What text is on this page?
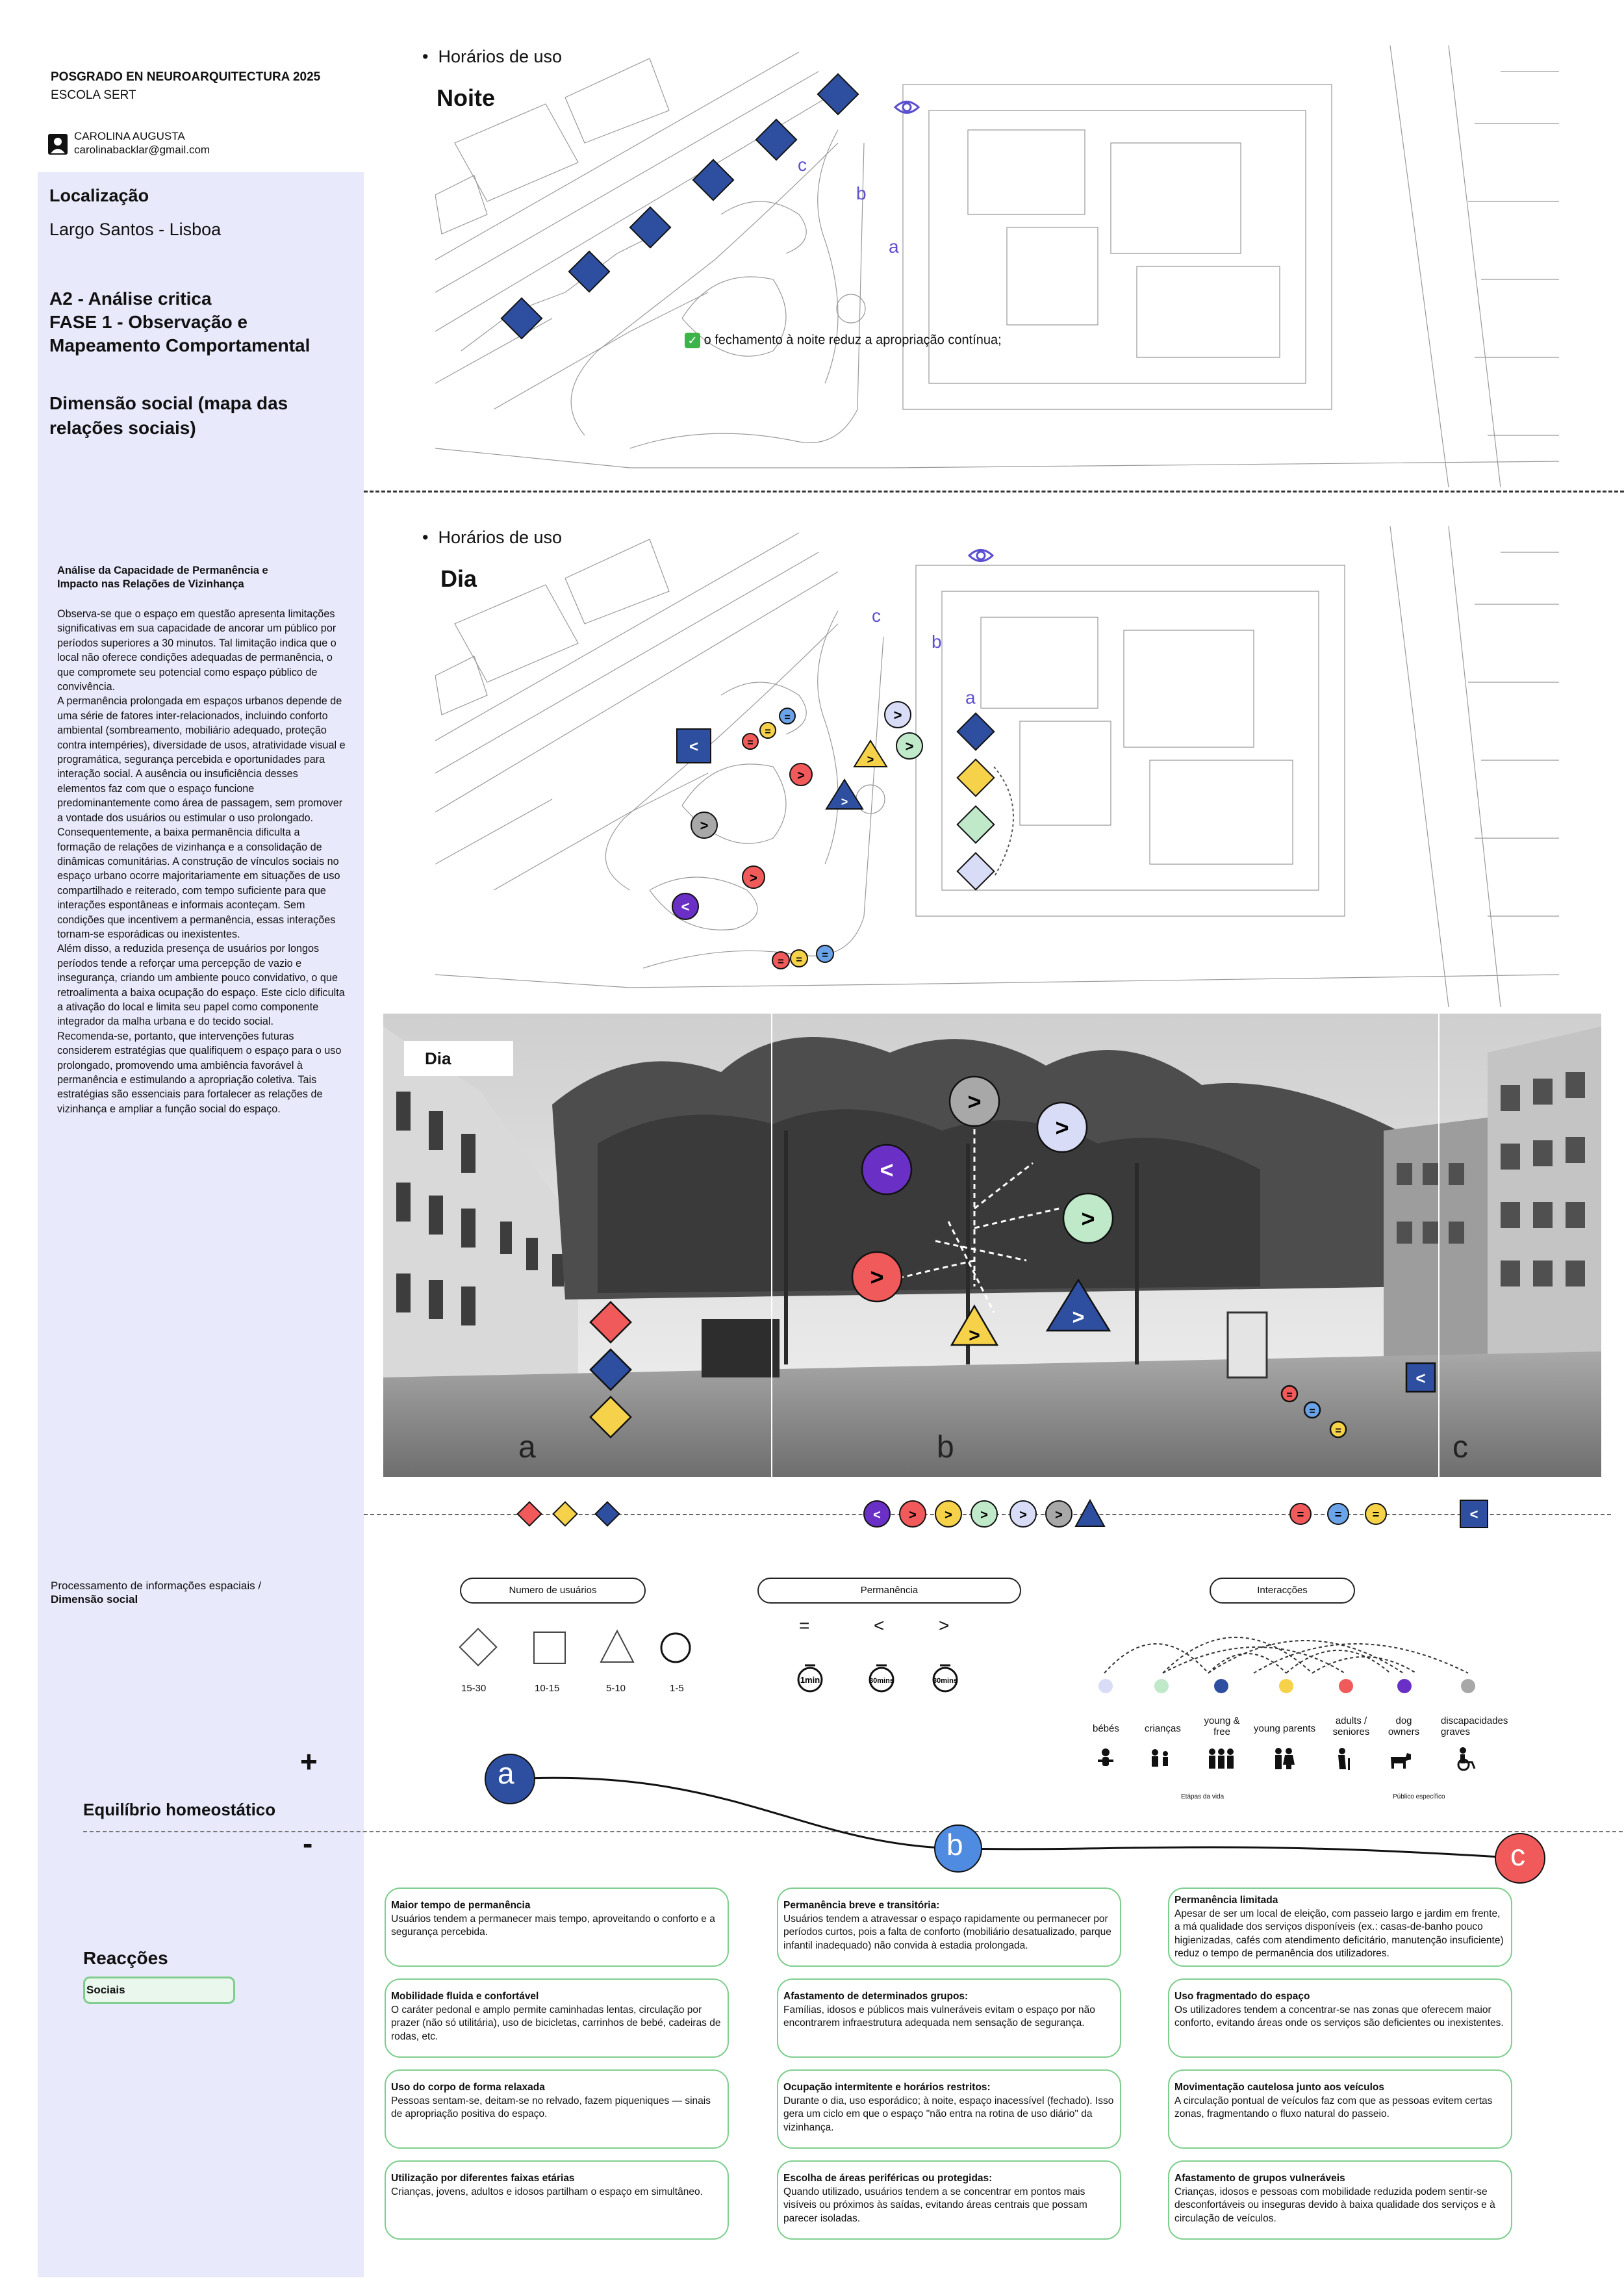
POSGRADO EN NEUROARQUITECTURA 2025
ESCOLA SERT
CAROLINA AUGUSTA
carolinabacklar@gmail.com
Localização
Largo Santos - Lisboa
A2 - Análise critica
FASE 1 - Observação e
Mapeamento Comportamental
Dimensão social (mapa das
relações sociais)
Análise da Capacidade de Permanência e
Impacto nas Relações de Vizinhança
Observa-se que o espaço em questão apresenta limitações significativas em sua capacidade de ancorar um público por períodos superiores a 30 minutos. Tal limitação indica que o local não oferece condições adequadas de permanência, o que compromete seu potencial como espaço público de convivência.
A permanência prolongada em espaços urbanos depende de uma série de fatores inter-relacionados, incluindo conforto ambiental (sombreamento, mobiliário adequado, proteção contra intempéries), diversidade de usos, atratividade visual e programática, segurança percebida e oportunidades para interação social. A ausência ou insuficiência desses elementos faz com que o espaço funcione predominantemente como área de passagem, sem promover a vontade dos usuários ou estimular o uso prolongado.
Consequentemente, a baixa permanência dificulta a formação de relações de vizinhança e a consolidação de dinâmicas comunitárias. A construção de vínculos sociais no espaço urbano ocorre majoritariamente em situações de uso compartilhado e reiterado, com tempo suficiente para que interações espontâneas e informais aconteçam. Sem condições que incentivem a permanência, essas interações tornam-se esporádicas ou inexistentes.
Além disso, a reduzida presença de usuários por longos períodos tende a reforçar uma percepção de vazio e insegurança, criando um ambiente pouco convidativo, o que retroalimenta a baixa ocupação do espaço. Este ciclo dificulta a ativação do local e limita seu papel como componente integrador da malha urbana e do tecido social.
Recomenda-se, portanto, que intervenções futuras considerem estratégias que qualifiquem o espaço para o uso prolongado, promovendo uma ambiência favorável à permanência e estimulando a apropriação coletiva. Tais estratégias são essenciais para fortalecer as relações de vizinhança e ampliar a função social do espaço.
Processamento de informações espaciais /
Dimensão social
•  Horários de uso
Noite
c
b
a
✓ o fechamento à noite reduz a apropriação contínua;
•  Horários de uso
Dia
c
b
a
<	=
=
=
>
>
>
>
>
>
>
<
= = =
>
>
<
>
>
>
>
<
=
=
=
Dia
a	b	c
< > > > > >	=	=	=	<
Numero de usuários
15-30	10-15	5-10	1-5
Permanência
=	<	>
1min	30mins	30mins
Interacções
bébés	crianças
young & free	young parents
adults / seniores
dog owners
discapacidades graves
Etápas da vida	Público específico
+
-
Equilíbrio homeostático
a
b	c
Reacções
Sociais
Maior tempo de permanência
Usuários tendem a permanecer mais tempo, aproveitando o conforto e a segurança percebida.
Mobilidade fluida e confortável
O caráter pedonal e amplo permite caminhadas lentas, circulação por prazer (não só utilitária), uso de bicicletas, carrinhos de bebé, cadeiras de rodas, etc.
Uso do corpo de forma relaxada
Pessoas sentam-se, deitam-se no relvado, fazem piqueniques — sinais de apropriação positiva do espaço.
Utilização por diferentes faixas etárias
Crianças, jovens, adultos e idosos partilham o espaço em simultâneo.
Permanência breve e transitória:
Usuários tendem a atravessar o espaço rapidamente ou permanecer por períodos curtos, pois a falta de conforto (mobiliário desatualizado, parque infantil inadequado) não convida à estadia prolongada.
Afastamento de determinados grupos:
Famílias, idosos e públicos mais vulneráveis evitam o espaço por não encontrarem infraestrutura adequada nem sensação de segurança.
Ocupação intermitente e horários restritos:
Durante o dia, uso esporádico; à noite, espaço inacessível (fechado). Isso gera um ciclo em que o espaço "não entra na rotina de uso diário" da vizinhança.
Escolha de áreas periféricas ou protegidas:
Quando utilizado, usuários tendem a se concentrar em pontos mais visíveis ou próximos às saídas, evitando áreas centrais que possam parecer isoladas.
Permanência limitada
Apesar de ser um local de eleição, com passeio largo e jardim em frente, a má qualidade dos serviços disponíveis (ex.: casas-de-banho pouco higienizadas, cafés com atendimento deficitário, manutenção insuficiente) reduz o tempo de permanência dos utilizadores.
Uso fragmentado do espaço
Os utilizadores tendem a concentrar-se nas zonas que oferecem maior conforto, evitando áreas onde os serviços são deficientes ou inexistentes.
Movimentação cautelosa junto aos veículos
A circulação pontual de veículos faz com que as pessoas evitem certas zonas, fragmentando o fluxo natural do passeio.
Afastamento de grupos vulneráveis
Crianças, idosos e pessoas com mobilidade reduzida podem sentir-se desconfortáveis ou inseguras devido à baixa qualidade dos serviços e à circulação de veículos.
